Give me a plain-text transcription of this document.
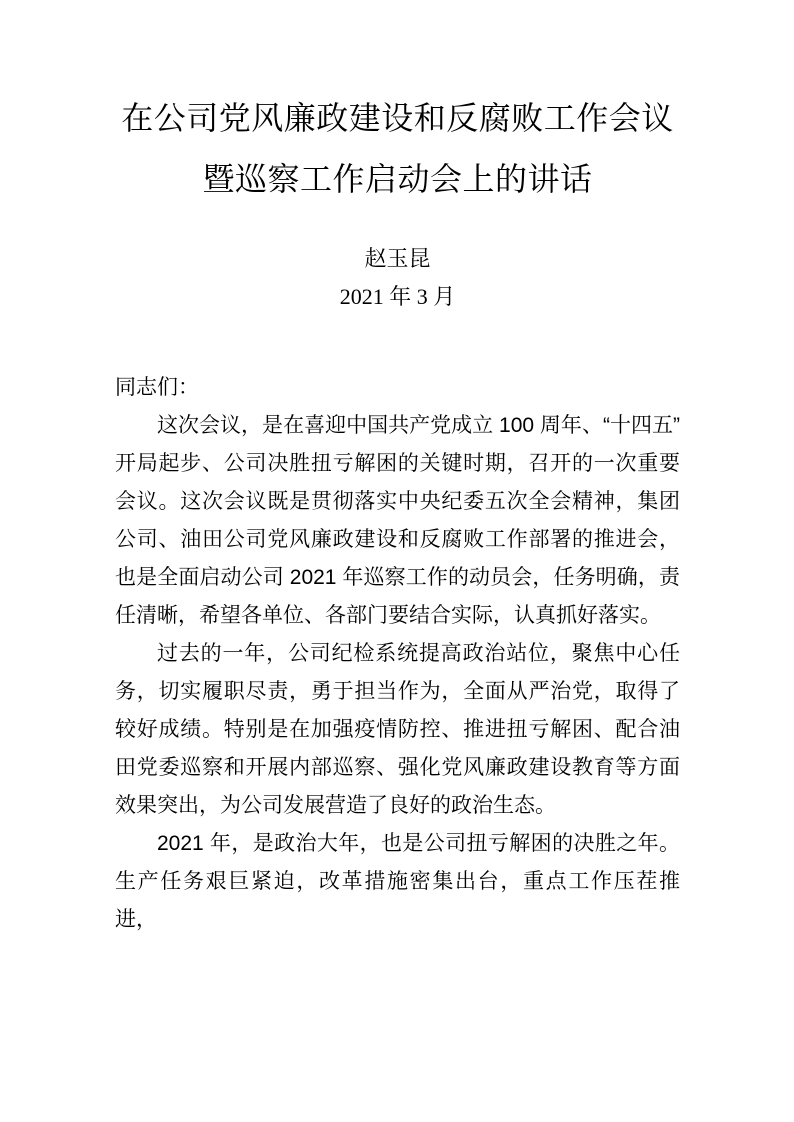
在公司党风廉政建设和反腐败工作会议
暨巡察工作启动会上的讲话
赵玉昆
2021 年 3 月

同志们：

这次会议，是在喜迎中国共产党成立 100 周年、“十四五”开局起步、公司决胜扭亏解困的关键时期，召开的一次重要会议。这次会议既是贯彻落实中央纪委五次全会精神，集团公司、油田公司党风廉政建设和反腐败工作部署的推进会，也是全面启动公司 2021 年巡察工作的动员会，任务明确，责任清晰，希望各单位、各部门要结合实际，认真抓好落实。

过去的一年，公司纪检系统提高政治站位，聚焦中心任务，切实履职尽责，勇于担当作为，全面从严治党，取得了较好成绩。特别是在加强疫情防控、推进扭亏解困、配合油田党委巡察和开展内部巡察、强化党风廉政建设教育等方面效果突出，为公司发展营造了良好的政治生态。

2021 年，是政治大年，也是公司扭亏解困的决胜之年。生产任务艰巨紧迫，改革措施密集出台，重点工作压茬推进，
